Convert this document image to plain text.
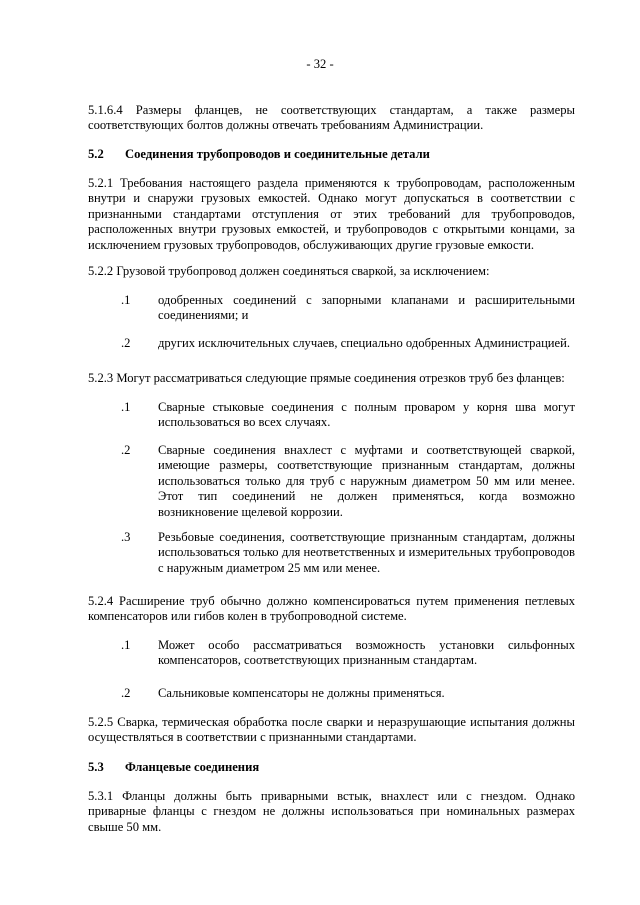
- 32 -
5.1.6.4 Размеры фланцев, не соответствующих стандартам, а также размеры соответствующих болтов должны отвечать требованиям Администрации.
5.2 Соединения трубопроводов и соединительные детали
5.2.1 Требования настоящего раздела применяются к трубопроводам, расположенным внутри и снаружи грузовых емкостей. Однако могут допускаться в соответствии с признанными стандартами отступления от этих требований для трубопроводов, расположенных внутри грузовых емкостей, и трубопроводов с открытыми концами, за исключением грузовых трубопроводов, обслуживающих другие грузовые емкости.
5.2.2 Грузовой трубопровод должен соединяться сваркой, за исключением:
.1 одобренных соединений с запорными клапанами и расширительными соединениями; и
.2 других исключительных случаев, специально одобренных Администрацией.
5.2.3 Могут рассматриваться следующие прямые соединения отрезков труб без фланцев:
.1 Сварные стыковые соединения с полным проваром у корня шва могут использоваться во всех случаях.
.2 Сварные соединения внахлест с муфтами и соответствующей сваркой, имеющие размеры, соответствующие признанным стандартам, должны использоваться только для труб с наружным диаметром 50 мм или менее. Этот тип соединений не должен применяться, когда возможно возникновение щелевой коррозии.
.3 Резьбовые соединения, соответствующие признанным стандартам, должны использоваться только для неответственных и измерительных трубопроводов с наружным диаметром 25 мм или менее.
5.2.4 Расширение труб обычно должно компенсироваться путем применения петлевых компенсаторов или гибов колен в трубопроводной системе.
.1 Может особо рассматриваться возможность установки сильфонных компенсаторов, соответствующих признанным стандартам.
.2 Сальниковые компенсаторы не должны применяться.
5.2.5 Сварка, термическая обработка после сварки и неразрушающие испытания должны осуществляться в соответствии с признанными стандартами.
5.3 Фланцевые соединения
5.3.1 Фланцы должны быть приварными встык, внахлест или с гнездом. Однако приварные фланцы с гнездом не должны использоваться при номинальных размерах свыше 50 мм.
